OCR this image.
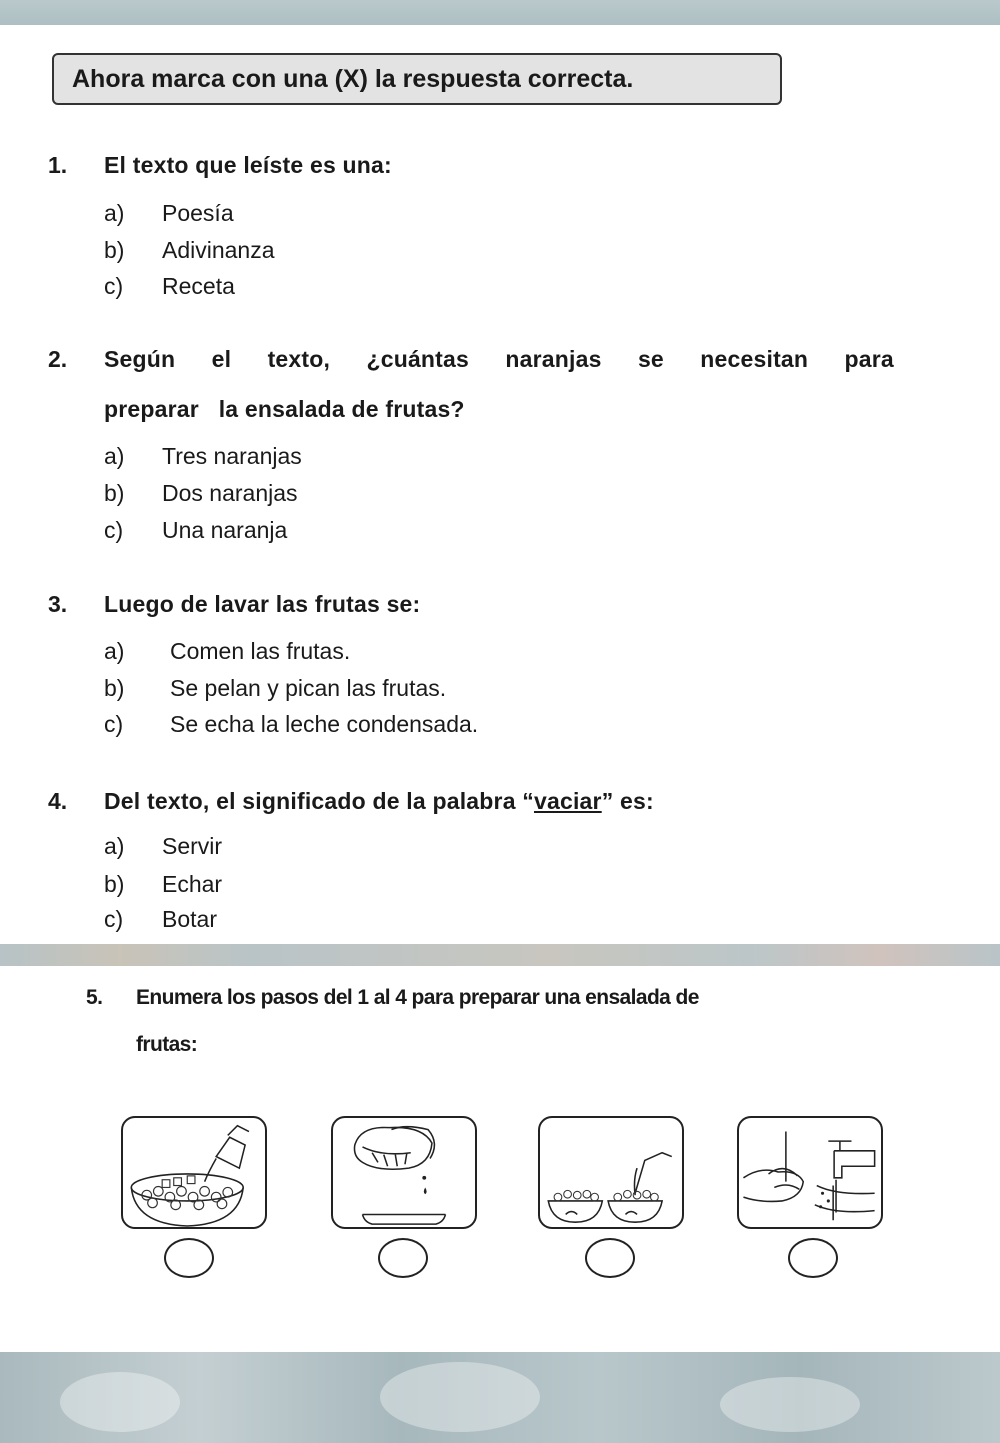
Ahora marca con una (X) la respuesta correcta.
1. El texto que leíste es una:
a)	Poesía
b)	Adivinanza
c)	Receta
2. Según el texto, ¿cuántas naranjas se necesitan para
preparar   la ensalada de frutas?
a)	Tres naranjas
b)	Dos naranjas
c)	Una naranja
3. Luego de lavar las frutas se:
a)	Comen las frutas.
b)	Se pelan y pican las frutas.
c)	Se echa la leche condensada.
4. Del texto, el significado de la palabra “vaciar” es:
a)	Servir
b)	Echar
c)	Botar
5. Enumera los pasos del 1 al 4 para preparar una ensalada de
frutas:
